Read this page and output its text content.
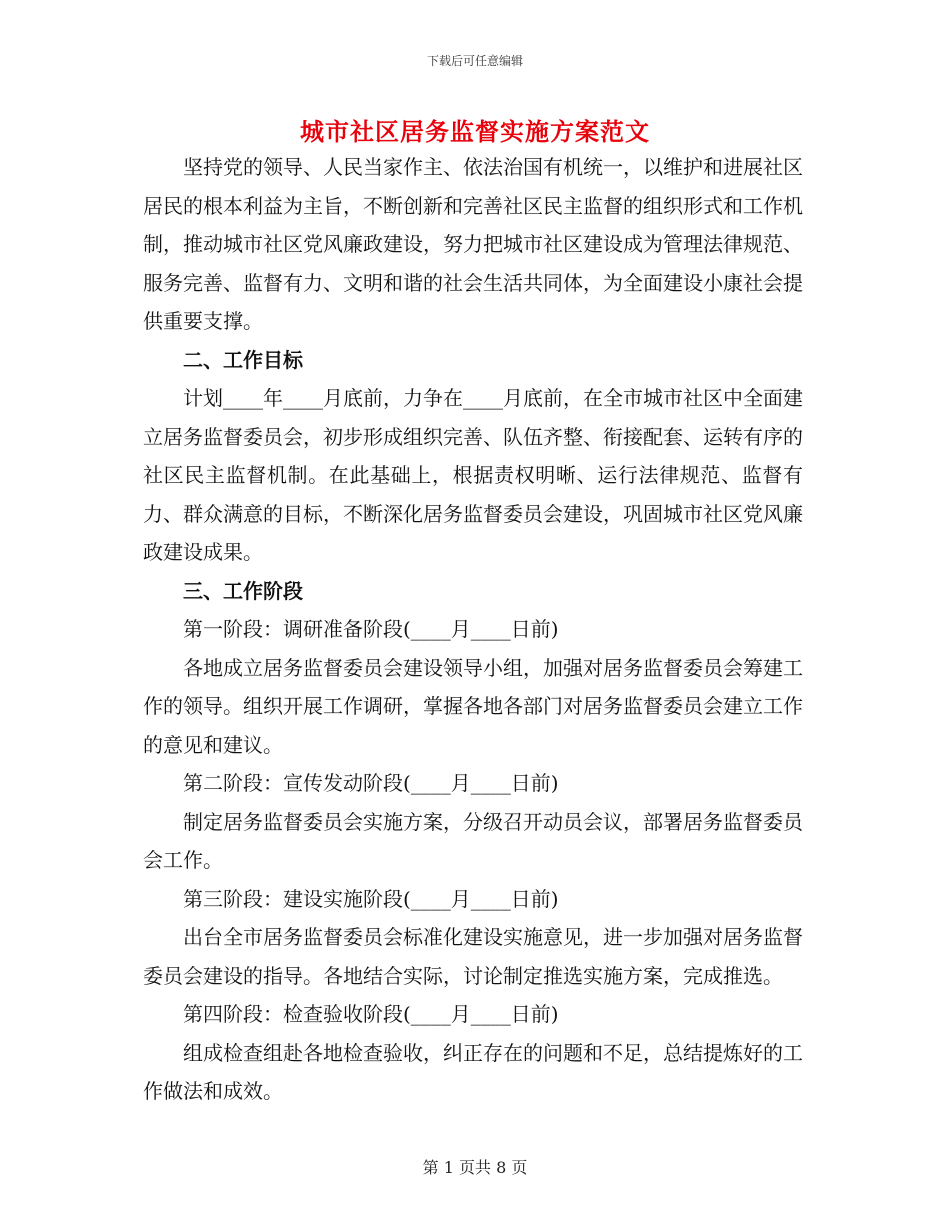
下载后可任意编辑
城市社区居务监督实施方案范文

坚持党的领导、人民当家作主、依法治国有机统一，以维护和进展社区居民的根本利益为主旨，不断创新和完善社区民主监督的组织形式和工作机制，推动城市社区党风廉政建设，努力把城市社区建设成为管理法律规范、服务完善、监督有力、文明和谐的社会生活共同体，为全面建设小康社会提供重要支撑。

二、工作目标

计划____年____月底前，力争在____月底前，在全市城市社区中全面建立居务监督委员会，初步形成组织完善、队伍齐整、衔接配套、运转有序的社区民主监督机制。在此基础上，根据责权明晰、运行法律规范、监督有力、群众满意的目标，不断深化居务监督委员会建设，巩固城市社区党风廉政建设成果。

三、工作阶段

第一阶段：调研准备阶段(____月____日前)

各地成立居务监督委员会建设领导小组，加强对居务监督委员会筹建工作的领导。组织开展工作调研，掌握各地各部门对居务监督委员会建立工作的意见和建议。

第二阶段：宣传发动阶段(____月____日前)

制定居务监督委员会实施方案，分级召开动员会议，部署居务监督委员会工作。

第三阶段：建设实施阶段(____月____日前)

出台全市居务监督委员会标准化建设实施意见，进一步加强对居务监督委员会建设的指导。各地结合实际，讨论制定推选实施方案，完成推选。

第四阶段：检查验收阶段(____月____日前)

组成检查组赴各地检查验收，纠正存在的问题和不足，总结提炼好的工作做法和成效。

第 1 页共 8 页
